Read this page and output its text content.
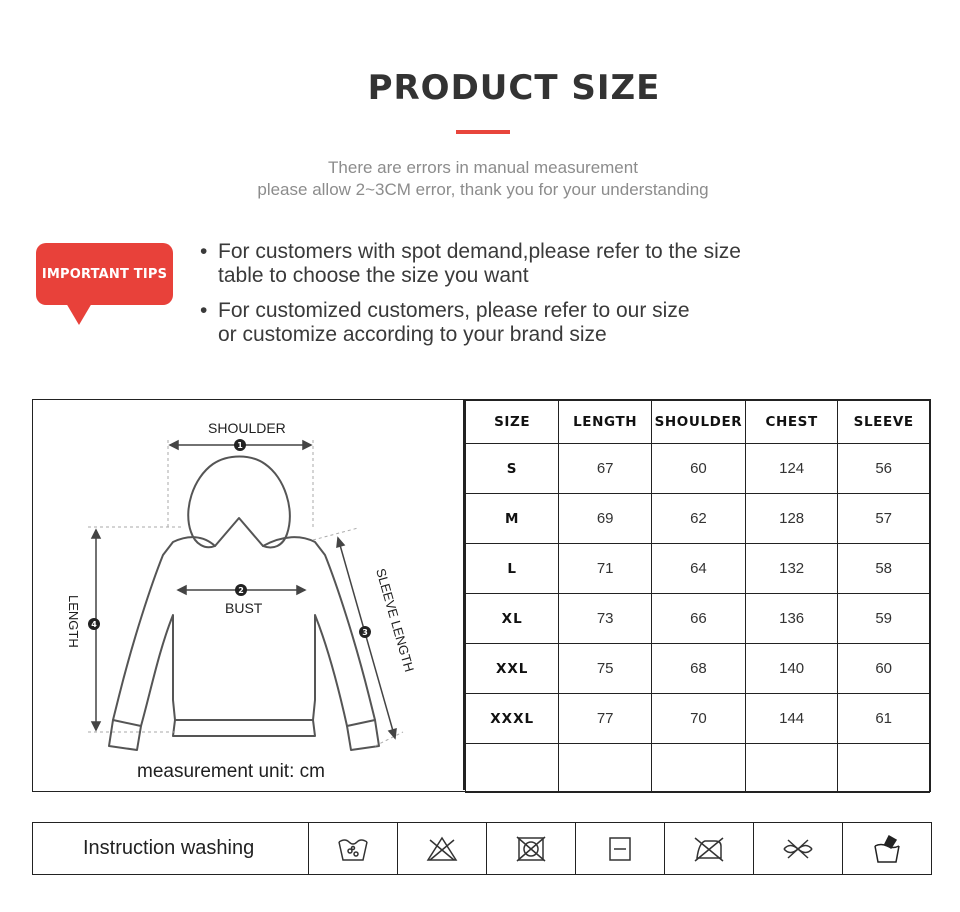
PRODUCT SIZE
There are errors in manual measurement
please allow 2~3CM error, thank you for your understanding
IMPORTANT TIPS
• For customers with spot demand,please refer to the size
table to choose the size you want
• For customized customers, please refer to our size
or customize according to your brand size
1
2
4
3
SHOULDER
BUST
LENGTH	SLEEVE LENGTH
measurement unit: cm
SIZE	LENGTH	SHOULDER	CHEST	SLEEVE
S	67	60	124	56
M	69	62	128	57
L	71	64	132	58
XL	73	66	136	59
XXL	75	68	140	60
XXXL	77	70	144	61

Instruction washing
